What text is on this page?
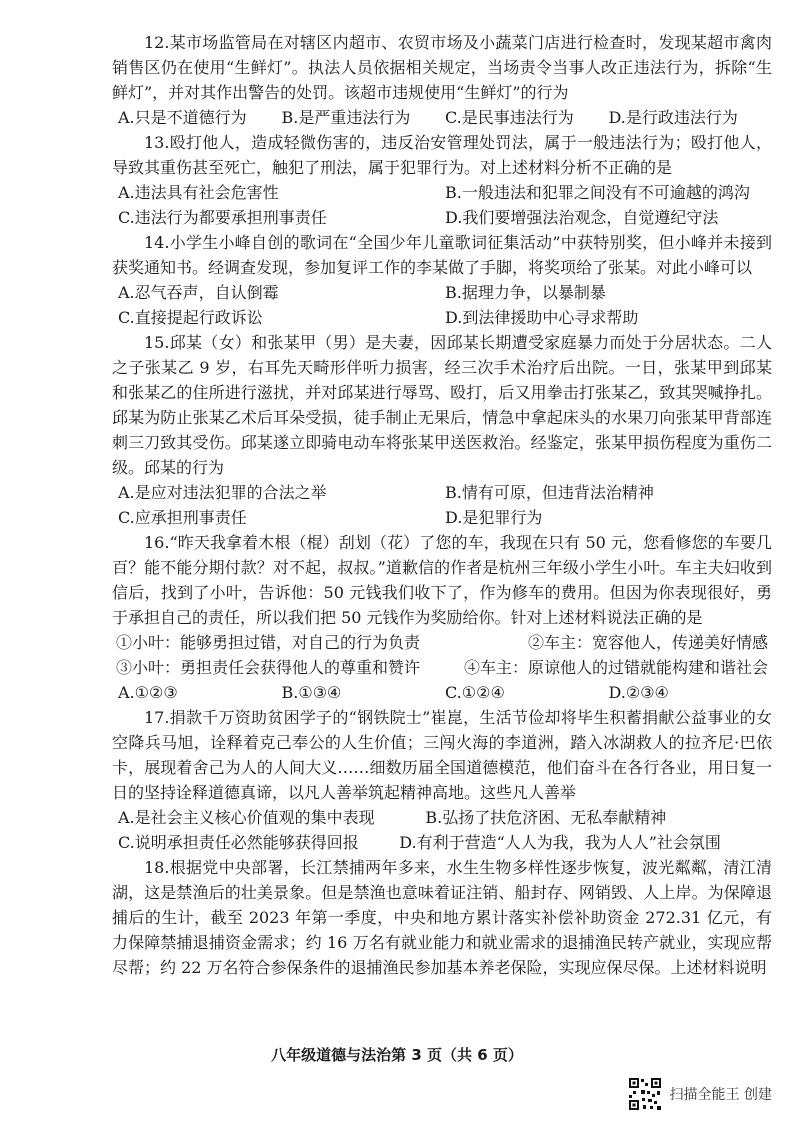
12.某市场监管局在对辖区内超市、农贸市场及小蔬菜门店进行检查时，发现某超市禽肉销售区仍在使用“生鲜灯”。执法人员依据相关规定，当场责令当事人改正违法行为，拆除“生鲜灯”，并对其作出警告的处罚。该超市违规使用“生鲜灯”的行为

A.只是不道德行为	B.是严重违法行为	C.是民事违法行为	D.是行政违法行为

13.殴打他人，造成轻微伤害的，违反治安管理处罚法，属于一般违法行为；殴打他人，导致其重伤甚至死亡，触犯了刑法，属于犯罪行为。对上述材料分析不正确的是

A.违法具有社会危害性	B.一般违法和犯罪之间没有不可逾越的鸿沟
C.违法行为都要承担刑事责任	D.我们要增强法治观念，自觉遵纪守法

14.小学生小峰自创的歌词在“全国少年儿童歌词征集活动”中获特别奖，但小峰并未接到获奖通知书。经调查发现，参加复评工作的李某做了手脚，将奖项给了张某。对此小峰可以

A.忍气吞声，自认倒霉	B.据理力争，以暴制暴
C.直接提起行政诉讼	D.到法律援助中心寻求帮助

15.邱某（女）和张某甲（男）是夫妻，因邱某长期遭受家庭暴力而处于分居状态。二人之子张某乙 9 岁，右耳先天畸形伴听力损害，经三次手术治疗后出院。一日，张某甲到邱某和张某乙的住所进行滋扰，并对邱某进行辱骂、殴打，后又用拳击打张某乙，致其哭喊挣扎。邱某为防止张某乙术后耳朵受损，徒手制止无果后，情急中拿起床头的水果刀向张某甲背部连刺三刀致其受伤。邱某遂立即骑电动车将张某甲送医救治。经鉴定，张某甲损伤程度为重伤二级。邱某的行为

A.是应对违法犯罪的合法之举	B.情有可原，但违背法治精神
C.应承担刑事责任	D.是犯罪行为

16.“昨天我拿着木根（棍）刮划（花）了您的车，我现在只有 50 元，您看修您的车要几百？能不能分期付款？对不起，叔叔。”道歉信的作者是杭州三年级小学生小叶。车主夫妇收到信后，找到了小叶，告诉他：50 元钱我们收下了，作为修车的费用。但因为你表现很好，勇于承担自己的责任，所以我们把 50 元钱作为奖励给你。针对上述材料说法正确的是

①小叶：能够勇担过错，对自己的行为负责	②车主：宽容他人，传递美好情感
③小叶：勇担责任会获得他人的尊重和赞许	④车主：原谅他人的过错就能构建和谐社会
A.①②③	B.①③④	C.①②④	D.②③④

17.捐款千万资助贫困学子的“钢铁院士”崔崑，生活节俭却将毕生积蓄捐献公益事业的女空降兵马旭，诠释着克己奉公的人生价值；三闯火海的李道洲，踏入冰湖救人的拉齐尼·巴依卡，展现着舍己为人的人间大义……细数历届全国道德模范，他们奋斗在各行各业，用日复一日的坚持诠释道德真谛，以凡人善举筑起精神高地。这些凡人善举

A.是社会主义核心价值观的集中表现	B.弘扬了扶危济困、无私奉献精神
C.说明承担责任必然能够获得回报	D.有利于营造“人人为我，我为人人”社会氛围

18.根据党中央部署，长江禁捕两年多来，水生生物多样性逐步恢复，波光粼粼，清江清湖，这是禁渔后的壮美景象。但是禁渔也意味着证注销、船封存、网销毁、人上岸。为保障退捕后的生计，截至 2023 年第一季度，中央和地方累计落实补偿补助资金 272.31 亿元，有力保障禁捕退捕资金需求；约 16 万名有就业能力和就业需求的退捕渔民转产就业，实现应帮尽帮；约 22 万名符合参保条件的退捕渔民参加基本养老保险，实现应保尽保。上述材料说明

八年级道德与法治第 3 页（共 6 页）
扫描全能王 创建
